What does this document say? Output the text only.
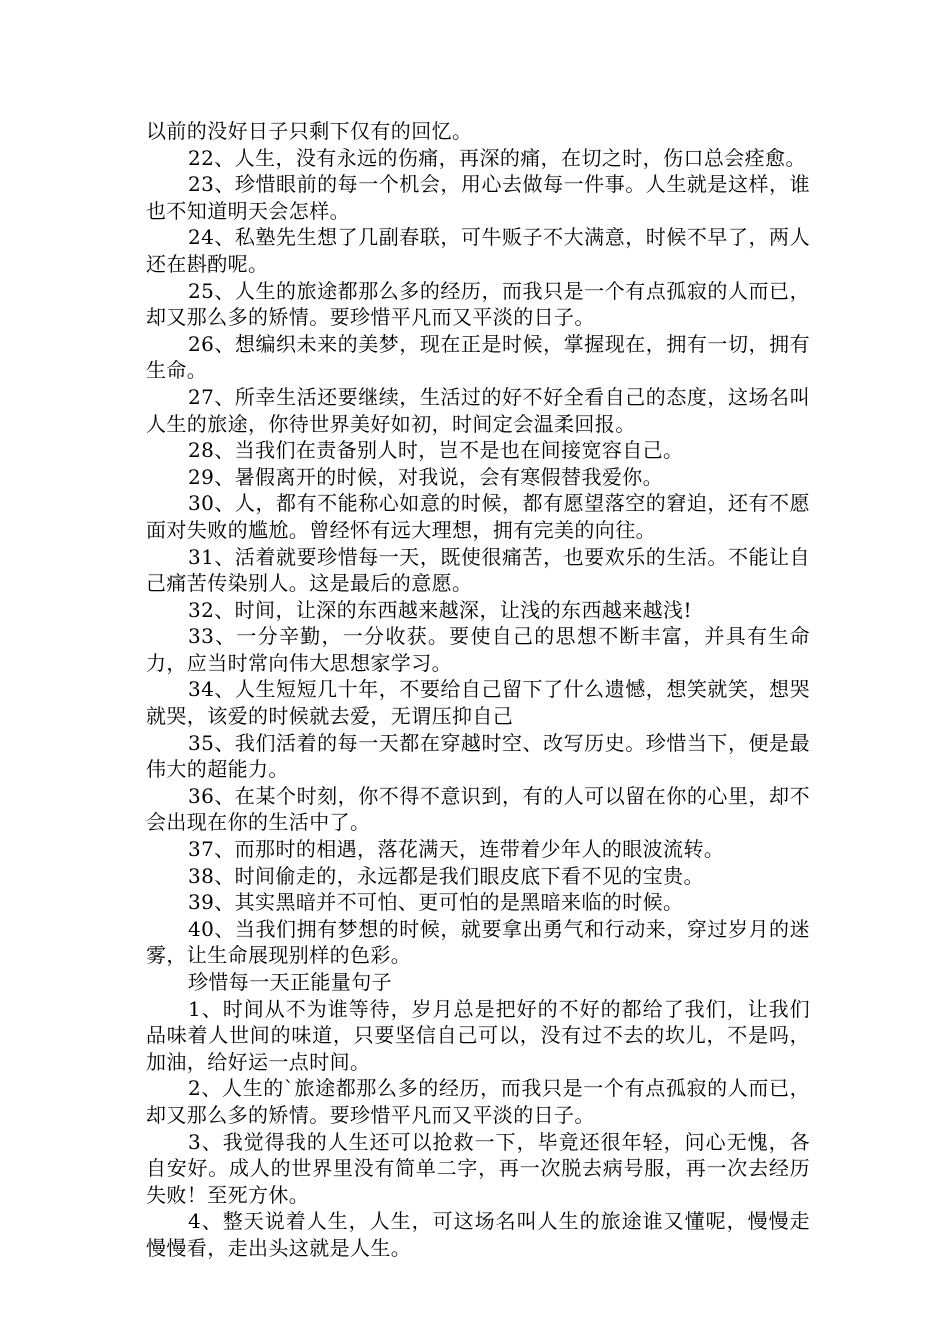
以前的没好日子只剩下仅有的回忆。

22、人生，没有永远的伤痛，再深的痛，在切之时，伤口总会痊愈。

23、珍惜眼前的每一个机会，用心去做每一件事。人生就是这样，谁也不知道明天会怎样。

24、私塾先生想了几副春联，可牛贩子不大满意，时候不早了，两人还在斟酌呢。

25、人生的旅途都那么多的经历，而我只是一个有点孤寂的人而已，却又那么多的矫情。要珍惜平凡而又平淡的日子。

26、想编织未来的美梦，现在正是时候，掌握现在，拥有一切，拥有生命。

27、所幸生活还要继续，生活过的好不好全看自己的态度，这场名叫人生的旅途，你待世界美好如初，时间定会温柔回报。

28、当我们在责备别人时，岂不是也在间接宽容自己。

29、暑假离开的时候，对我说，会有寒假替我爱你。

30、人，都有不能称心如意的时候，都有愿望落空的窘迫，还有不愿面对失败的尴尬。曾经怀有远大理想，拥有完美的向往。

31、活着就要珍惜每一天，既使很痛苦，也要欢乐的生活。不能让自己痛苦传染别人。这是最后的意愿。

32、时间，让深的东西越来越深，让浅的东西越来越浅!

33、一分辛勤，一分收获。要使自己的思想不断丰富，并具有生命力，应当时常向伟大思想家学习。

34、人生短短几十年，不要给自己留下了什么遗憾，想笑就笑，想哭就哭，该爱的时候就去爱，无谓压抑自己

35、我们活着的每一天都在穿越时空、改写历史。珍惜当下，便是最伟大的超能力。

36、在某个时刻，你不得不意识到，有的人可以留在你的心里，却不会出现在你的生活中了。

37、而那时的相遇，落花满天，连带着少年人的眼波流转。

38、时间偷走的，永远都是我们眼皮底下看不见的宝贵。

39、其实黑暗并不可怕、更可怕的是黑暗来临的时候。

40、当我们拥有梦想的时候，就要拿出勇气和行动来，穿过岁月的迷雾，让生命展现别样的色彩。

珍惜每一天正能量句子

1、时间从不为谁等待，岁月总是把好的不好的都给了我们，让我们品味着人世间的味道，只要坚信自己可以，没有过不去的坎儿，不是吗，加油，给好运一点时间。

2、人生的`旅途都那么多的经历，而我只是一个有点孤寂的人而已，却又那么多的矫情。要珍惜平凡而又平淡的日子。

3、我觉得我的人生还可以抢救一下，毕竟还很年轻，问心无愧，各自安好。成人的世界里没有简单二字，再一次脱去病号服，再一次去经历失败！至死方休。

4、整天说着人生，人生，可这场名叫人生的旅途谁又懂呢，慢慢走慢慢看，走出头这就是人生。
